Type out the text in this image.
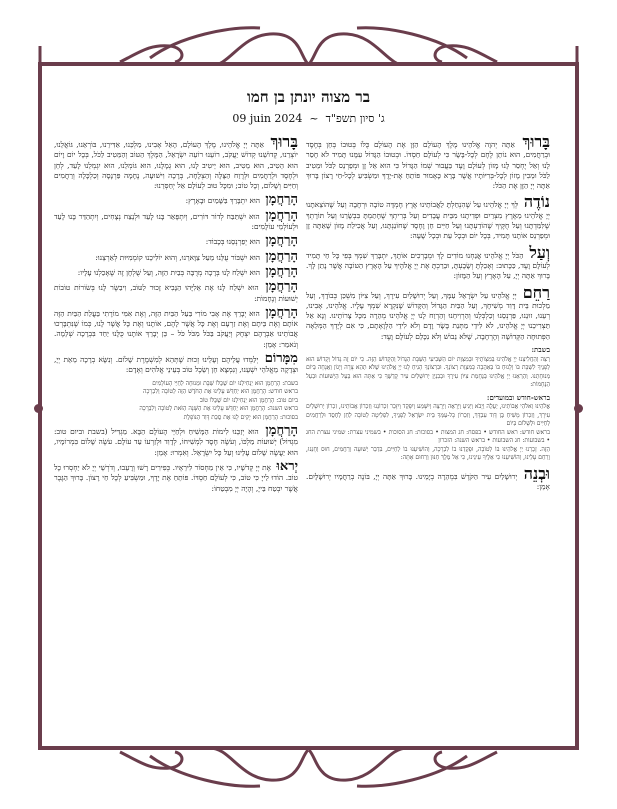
בר מצוה יונתן בן חמו
09 juin 2024 ~ ג' סיון תשפ"ד

בָּרוּךְ אַתָּה יְהוָה אֱלֹהֵינוּ מֶלֶךְ הָעוֹלָם הַזָּן אֶת הָעוֹלָם כֻּלּוֹ בְּטוּבוֹ בְּחֵן בְּחֶסֶד וּבְרַחֲמִים, הוּא נוֹתֵן לֶחֶם לְכָל-בָּשָׂר כִּי לְעוֹלָם חַסְדּוֹ. וּבְטוּבוֹ הַגָּדוֹל עִמָּנוּ תָּמִיד לֹא חָסַר לָנוּ וְאַל יֶחְסַר לָנוּ מָזוֹן לְעוֹלָם וָעֶד בַּעֲבוּר שְׁמוֹ הַגָּדוֹל כִּי הוּא אֵל זָן וּמְפַרְנֵס לַכֹּל וּמֵטִיב לַכֹּל וּמֵכִין מָזוֹן לְכָל-בְּרִיּוֹתָיו אֲשֶׁר בָּרָא כָּאָמוּר פּוֹתֵחַ אֶת-יָדֶךָ וּמַשְׂבִּיעַ לְכָל-חַי רָצוֹן בָּרוּךְ אַתָּה יְיָ הַזָּן אֶת הַכֹּל:

נוֹדֶה לְּךָ יְיָ אֱלֹהֵינוּ עַל שֶׁהִנְחַלְתָּ לַאֲבוֹתֵינוּ אֶרֶץ חֶמְדָּה טוֹבָה וּרְחָבָה וְעַל שֶׁהוֹצֵאתָנוּ יְיָ אֱלֹהֵינוּ מֵאֶרֶץ מִצְרַיִם וּפְדִיתָנוּ מִבֵּית עֲבָדִים וְעַל בְּרִיתְךָ שֶׁחָתַמְתָּ בִּבְשָׂרֵנוּ וְעַל תּוֹרָתְךָ שֶׁלִּמַּדְתָּנוּ וְעַל חֻקֶּיךָ שֶׁהוֹדַעְתָּנוּ וְעַל חַיִּים חֵן וָחֶסֶד שֶׁחוֹנַנְתָּנוּ, וְעַל אֲכִילַת מָזוֹן שָׁאַתָּה זָן וּמְפַרְנֵס אוֹתָנוּ תָּמִיד, בְּכָל יוֹם וּבְכָל עֵת וּבְכָל שָׁעָה:

וְעַל הַכֹּל יְיָ אֱלֹהֵינוּ אֲנַחְנוּ מוֹדִים לָךְ וּמְבָרְכִים אוֹתָךְ, יִתְבָּרַךְ שִׁמְךָ בְּפִי כָּל חַי תָּמִיד לְעוֹלָם וָעֶד, כַּכָּתוּב: וְאָכַלְתָּ וְשָׂבָעְתָּ, וּבֵרַכְתָּ אֶת יְיָ אֱלֹהֶיךָ עַל הָאָרֶץ הַטּוֹבָה אֲשֶׁר נָתַן לָךְ. בָּרוּךְ אַתָּה יְיָ, עַל הָאָרֶץ וְעַל הַמָּזוֹן:

רַחֵם יְיָ אֱלֹהֵינוּ עַל יִשְׂרָאֵל עַמָּךְ, וְעַל יְרוּשָׁלַיִם עִירָךְ, וְעַל צִיּוֹן מִשְׁכַּן כְּבוֹדָךְ, וְעַל מַלְכוּת בֵּית דָּוִד מְשִׁיחָךְ, וְעַל הַבַּיִת הַגָּדוֹל וְהַקָּדוֹשׁ שֶׁנִּקְרָא שִׁמְךָ עָלָיו. אֱלֹהֵינוּ, אָבִינוּ, רְעֵנוּ, זוּנֵנוּ, פַּרְנְסֵנוּ וְכַלְכְּלֵנוּ וְהַרְוִיחֵנוּ וְהַרְוַח לָנוּ יְיָ אֱלֹהֵינוּ מְהֵרָה מִכָּל צָרוֹתֵינוּ. וְנָא אַל תַּצְרִיכֵנוּ יְיָ אֱלֹהֵינוּ, לֹא לִידֵי מַתְּנַת בָּשָׂר וָדָם וְלֹא לִידֵי הַלְוָאָתָם, כִּי אִם לְיָדְךָ הַמְּלֵאָה הַפְּתוּחָה הַקְּדוֹשָׁה וְהָרְחָבָה, שֶׁלֹּא נֵבוֹשׁ וְלֹא נִכָּלֵם לְעוֹלָם וָעֶד:

בשבת:
רְצֵה וְהַחֲלִיצֵנוּ יְיָ אֱלֹהֵינוּ בְּמִצְוֹתֶיךָ וּבְמִצְוַת יוֹם הַשְּׁבִיעִי הַשַּׁבָּת הַגָּדוֹל וְהַקָּדוֹשׁ הַזֶּה. כִּי יוֹם זֶה גָּדוֹל וְקָדוֹשׁ הוּא לְפָנֶיךָ לִשְׁבָּת בּוֹ וְלָנוּחַ בּוֹ בְּאַהֲבָה כְּמִצְוַת רְצוֹנֶךָ. וּבִרְצוֹנְךָ הָנִיחַ לָנוּ יְיָ אֱלֹהֵינוּ שֶׁלֹּא תְהֵא צָרָה וְיָגוֹן וַאֲנָחָה בְּיוֹם מְנוּחָתֵנוּ. וְהַרְאֵנוּ יְיָ אֱלֹהֵינוּ בְּנֶחָמַת צִיּוֹן עִירֶךָ וּבְבִנְיַן יְרוּשָׁלַיִם עִיר קָדְשֶׁךָ כִּי אַתָּה הוּא בַּעַל הַיְשׁוּעוֹת וּבַעַל הַנֶּחָמוֹת:
בראש-חודש ובמועדים:
אֱלֹהֵינוּ וֵאלֹהֵי אֲבוֹתֵינוּ, יַעֲלֶה וְיָבֹא וְיַגִּיעַ וְיֵרָאֶה וְיֵרָצֶה וְיִשָּׁמַע וְיִפָּקֵד וְיִזָּכֵר זִכְרוֹנֵנוּ וְזִכְרוֹן אֲבוֹתֵינוּ, זִכְרוֹן יְרוּשָׁלַיִם עִירָךְ, וְזִכְרוֹן מָשִׁיחַ בֶּן דָּוִד עַבְדָּךְ, וְזִכְרוֹן כָּל-עַמְּךָ בֵּית יִשְׂרָאֵל לְפָנֶיךָ, לִפְלֵיטָה לְטוֹבָה לְחֵן לְחֶסֶד וּלְרַחֲמִים לְחַיִּים וּלְשָׁלוֹם בְּיוֹם
בראש חודש: ראש החודש • בפסח: חג המצות • בסוכות: חג הסוכות • בשמיני עצרת: שמיני עצרת החג • בשבועות: חג השבועות • בראש השנה: הזכרון
הַזֶּה. זָכְרֵנוּ יְיָ אֱלֹהֵינוּ בּוֹ לְטוֹבָה, וּפָקְדֵנוּ בוֹ לִבְרָכָה, וְהוֹשִׁיעֵנוּ בוֹ לְחַיִּים, בִּדְבַר יְשׁוּעָה וְרַחֲמִים, חוּס וְחָנֵּנוּ, וְרַחֵם עָלֵינוּ, וְהוֹשִׁיעֵנוּ כִּי אֵלֶיךָ עֵינֵינוּ, כִּי אֵל מֶלֶךְ חַנּוּן וְרַחוּם אָתָּה:

וּבְנֵה יְרוּשָׁלַיִם עִיר הַקֹּדֶשׁ בִּמְהֵרָה בְיָמֵינוּ. בָּרוּךְ אַתָּה יְיָ, בּוֹנֶה בְרַחֲמָיו יְרוּשָׁלָיִם. אָמֵן:

בָּרוּךְ אַתָּה יְיָ אֱלֹהֵינוּ, מֶלֶךְ הָעוֹלָם, הָאֵל אָבִינוּ, מַלְכֵּנוּ, אַדִּירֵנוּ, בּוֹרְאֵנוּ, גּוֹאֲלֵנוּ, יוֹצְרֵנוּ, קְדוֹשֵׁנוּ קְדוֹשׁ יַעֲקֹב, רוֹעֵנוּ רוֹעֵה יִשְׂרָאֵל, הַמֶּלֶךְ הַטּוֹב וְהַמֵּטִיב לַכֹּל, בְּכָל יוֹם וָיוֹם הוּא הֵטִיב, הוּא מֵטִיב, הוּא יֵיטִיב לָנוּ, הוּא גְמָלָנוּ, הוּא גּוֹמְלֵנוּ, הוּא יִגְמְלֵנוּ לָעַד, לְחֵן וּלְחֶסֶד וּלְרַחֲמִים וּלְרֶוַח הַצָּלָה וְהַצְלָחָה, בְּרָכָה וִישׁוּעָה, נֶחָמָה פַּרְנָסָה וְכַלְכָּלָה וְרַחֲמִים וְחַיִּים וְשָׁלוֹם, וְכָל טוֹב; וּמִכָּל טוּב לְעוֹלָם אַל יְחַסְּרֵנוּ:

הָרַחֲמָן הוּא יִתְבָּרַךְ בַּשָּׁמַיִם וּבָאָרֶץ:

הָרַחֲמָן הוּא יִשְׁתַּבַּח לְדוֹר דּוֹרִים, וְיִתְפָּאַר בָּנוּ לָעַד וּלְנֵצַח נְצָחִים, וְיִתְהַדַּר בָּנוּ לָעַד וּלְעוֹלְמֵי עוֹלָמִים:

הָרַחֲמָן הוּא יְפַרְנְסֵנוּ בְּכָבוֹד:

הָרַחֲמָן הוּא יִשְׁבּוֹר עֻלֵּנוּ מֵעַל צַוָּארֵנוּ, וְהוּא יוֹלִיכֵנוּ קוֹמְמִיּוּת לְאַרְצֵנוּ:

הָרַחֲמָן הוּא יִשְׁלַח לָנוּ בְּרָכָה מְרֻבָּה בְּבַיִת הַזֶּה, וְעַל שֻׁלְחָן זֶה שֶׁאָכַלְנוּ עָלָיו:

הָרַחֲמָן הוּא יִשְׁלַח לָנוּ אֶת אֵלִיָּהוּ הַנָּבִיא זָכוּר לַטּוֹב, וִיבַשֶּׂר לָנוּ בְּשׂוֹרוֹת טוֹבוֹת יְשׁוּעוֹת וְנֶחָמוֹת:

הָרַחֲמָן הוּא יְבָרֵךְ אֶת אָבִי מוֹרִי בַּעַל הַבַּיִת הַזֶּה, וְאֶת אִמִּי מוֹרָתִי בַּעֲלַת הַבַּיִת הַזֶּה אוֹתָם וְאֶת בֵּיתָם וְאֶת זַרְעָם וְאֶת כָּל אֲשֶׁר לָהֶם, אוֹתָנוּ וְאֶת כָּל אֲשֶׁר לָנוּ, כְּמוֹ שֶׁנִּתְבָּרְכוּ אֲבוֹתֵינוּ אַבְרָהָם יִצְחָק וְיַעֲקֹב בַּכֹּל מִכֹּל כֹּל – כֵּן יְבָרֵךְ אוֹתָנוּ כֻּלָּנוּ יַחַד בִּבְרָכָה שְׁלֵמָה. וְנֹאמַר: אָמֵן:

מִמָּרוֹם יְלַמְּדוּ עֲלֵיהֶם וְעָלֵינוּ זְכוּת שֶׁתְּהֵא לְמִשְׁמֶרֶת שָׁלוֹם. וְנִשָּׂא בְרָכָה מֵאֵת יְיָ, וּצְדָקָה מֵאֱלֹהֵי יִשְׁעֵנוּ, וְנִמְצָא חֵן וְשֵׂכֶל טוֹב בְּעֵינֵי אֱלֹהִים וְאָדָם:

בשבת: הָרַחֲמָן הוּא יַנְחִילֵנוּ יוֹם שֶׁכֻּלּוֹ שַׁבָּת וּמְנוּחָה לְחַיֵּי הָעוֹלָמִים
בראש חודש: הָרַחֲמָן הוּא יְחַדֵּשׁ עָלֵינוּ אֶת הַחֹדֶשׁ הַזֶּה לְטוֹבָה וְלִבְרָכָה
ביום טוב: הָרַחֲמָן הוּא יַנְחִילֵנוּ יוֹם שֶׁכֻּלּוֹ טוֹב
בראש השנה: הָרַחֲמָן הוּא יְחַדֵּשׁ עָלֵינוּ אֶת הַשָּׁנָה הַזֹּאת לְטוֹבָה וְלִבְרָכָה
בסוכות: הָרַחֲמָן הוּא יָקִים לָנוּ אֶת סֻכַּת דָּוִד הַנּוֹפָלֶת

הָרַחֲמָן הוּא יְזַכֵּנוּ לִימוֹת הַמָּשִׁיחַ וּלְחַיֵּי הָעוֹלָם הַבָּא. מַגְדִּיל (בשבת וביום טוב: מִגְדּוֹל) יְשׁוּעוֹת מַלְכּוֹ, וְעֹשֶׂה חֶסֶד לִמְשִׁיחוֹ, לְדָוִד וּלְזַרְעוֹ עַד עוֹלָם. עֹשֶׂה שָׁלוֹם בִּמְרוֹמָיו, הוּא יַעֲשֶׂה שָׁלוֹם עָלֵינוּ וְעַל כָּל יִשְׂרָאֵל. וְאִמְרוּ: אָמֵן:

יְראוּ אֶת יְיָ קְדֹשָׁיו, כִּי אֵין מַחְסוֹר לִירֵאָיו. כְּפִירִים רָשׁוּ וְרָעֵבוּ, וְדֹרְשֵׁי יְיָ לֹא יַחְסְרוּ כָל טוֹב. הוֹדוּ לַייָ כִּי טוֹב, כִּי לְעוֹלָם חַסְדּוֹ. פּוֹתֵחַ אֶת יָדֶךָ, וּמַשְׂבִּיעַ לְכָל חַי רָצוֹן. בָּרוּךְ הַגֶּבֶר אֲשֶׁר יִבְטַח בַּייָ, וְהָיָה יְיָ מִבְטַחוֹ:
